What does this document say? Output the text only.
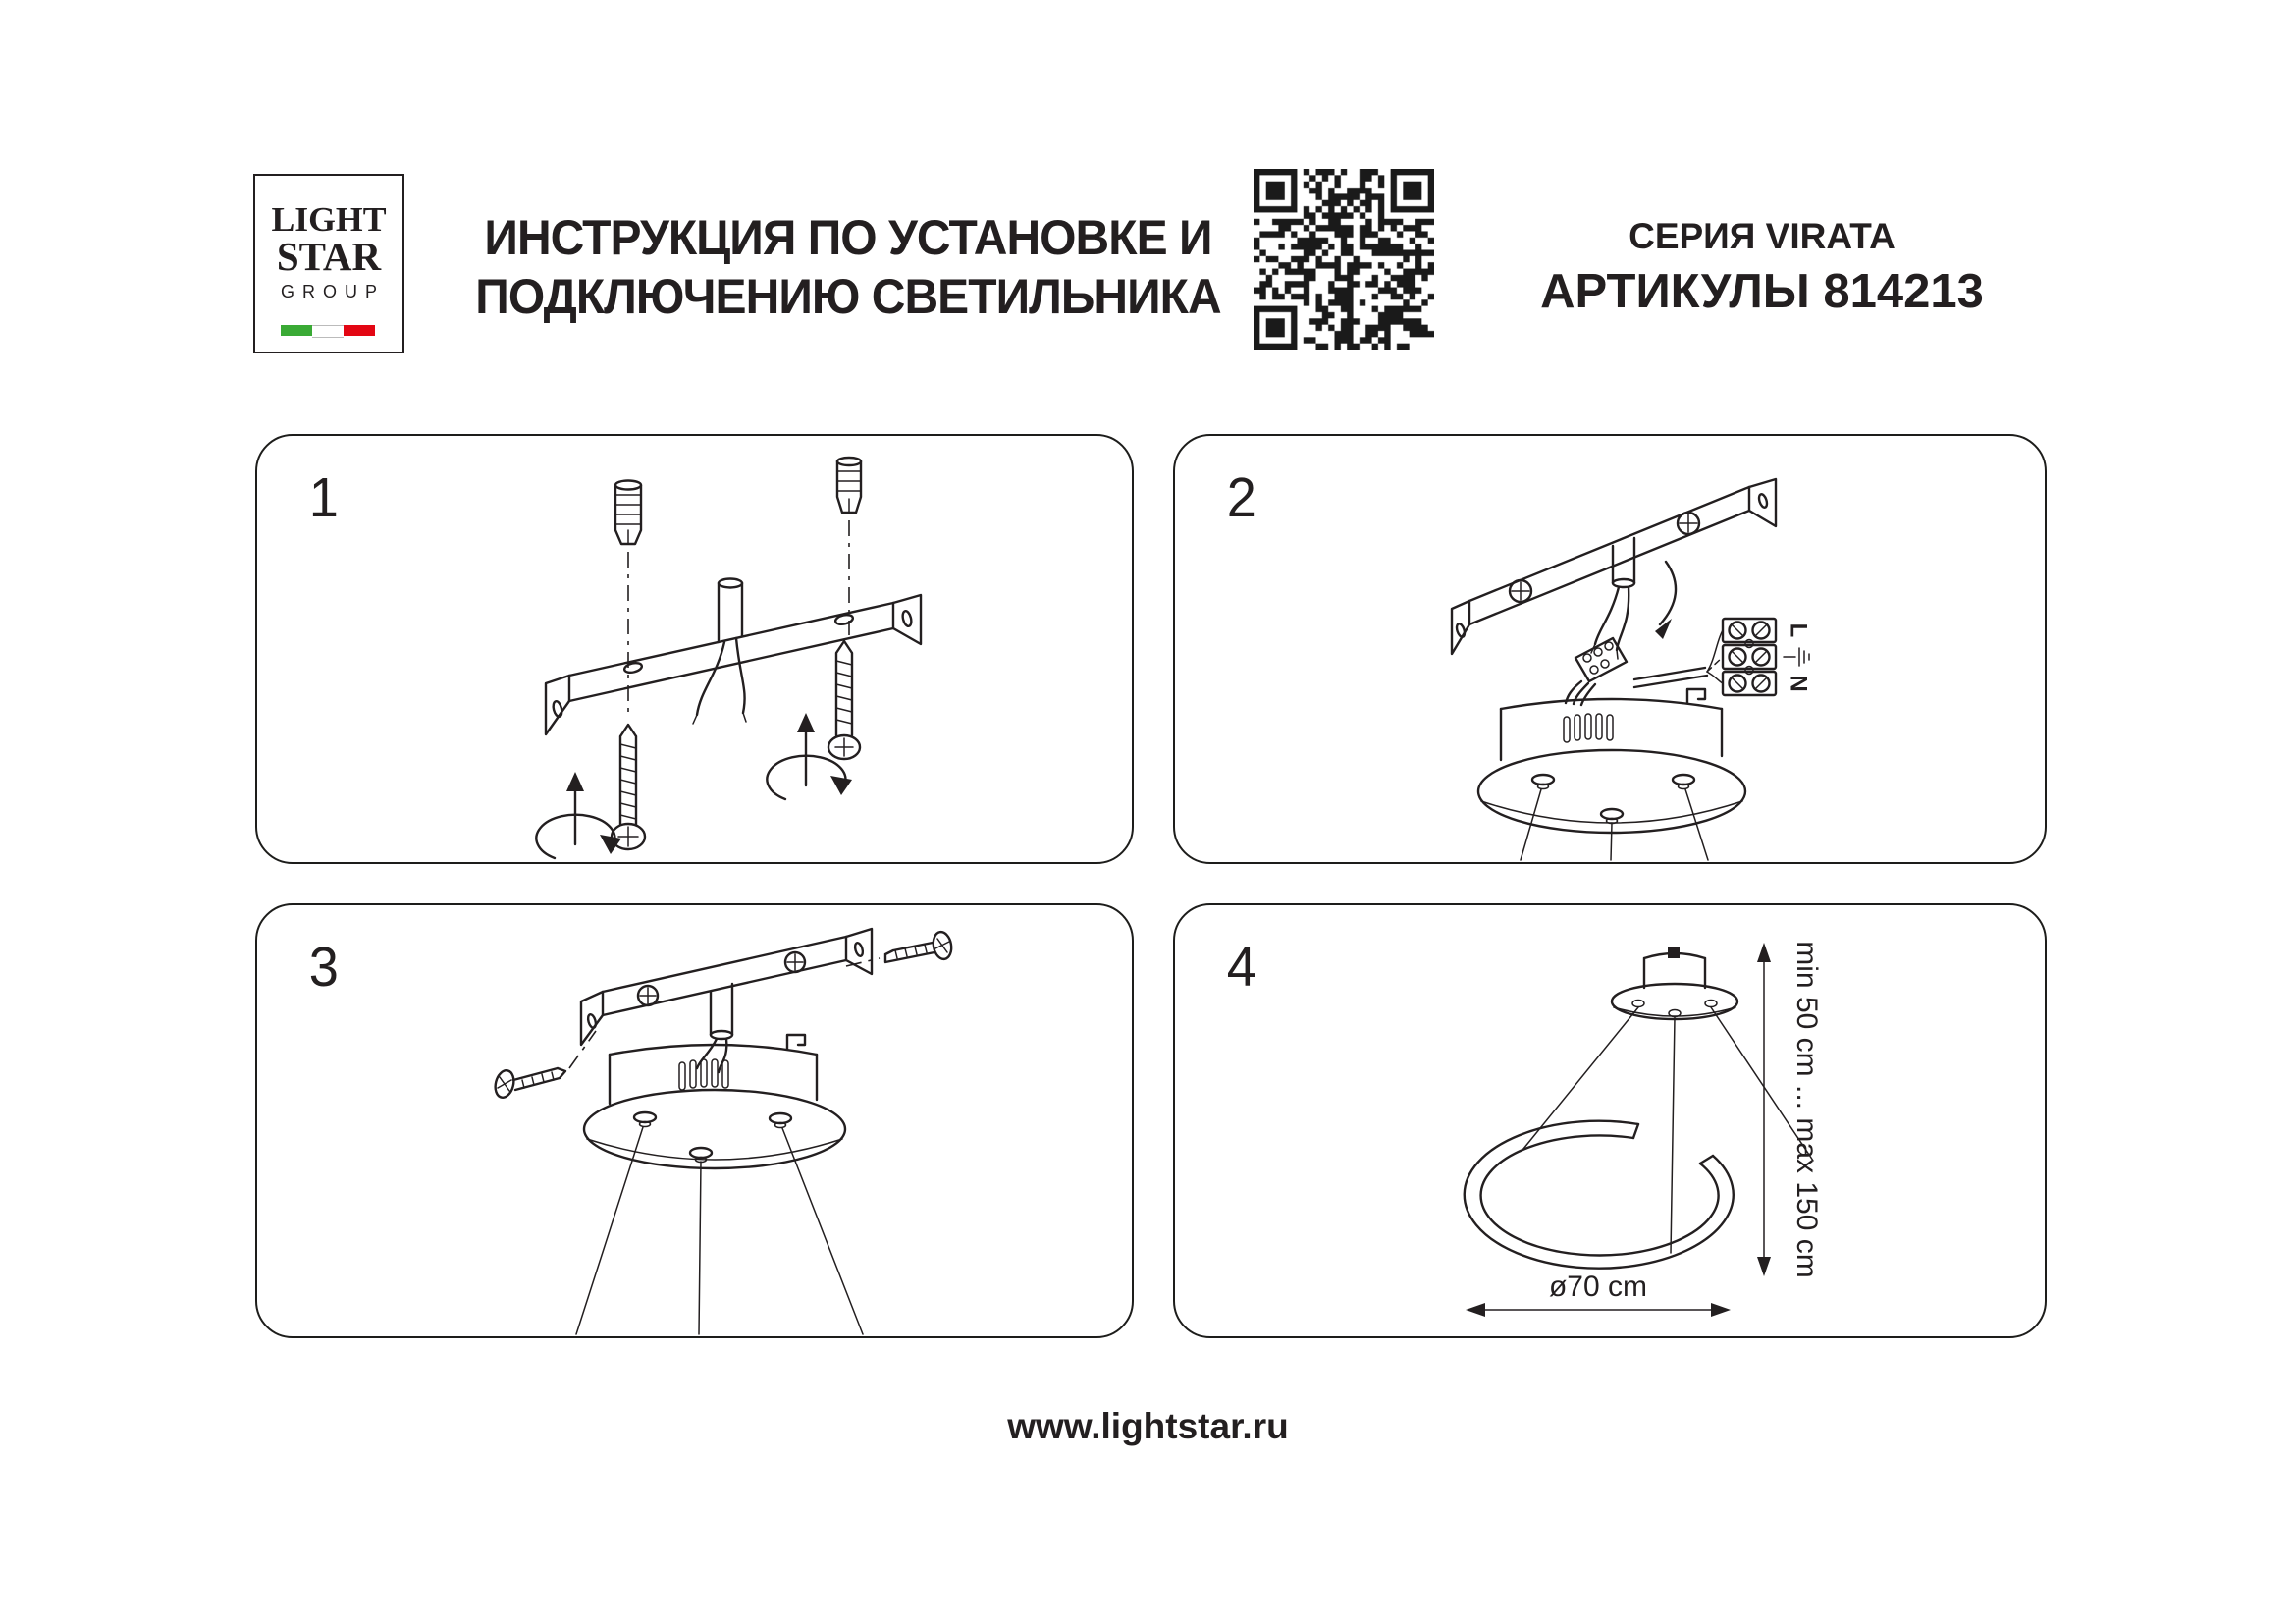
LIGHT
STAR
GROUP
ИНСТРУКЦИЯ ПО УСТАНОВКЕ И
ПОДКЛЮЧЕНИЮ СВЕТИЛЬНИКА
СЕРИЯ VIRATA
АРТИКУЛЫ 814213
1	2
L
N
3	4	min 50 cm ... max 150 cm
ø70 cm
www.lightstar.ru
